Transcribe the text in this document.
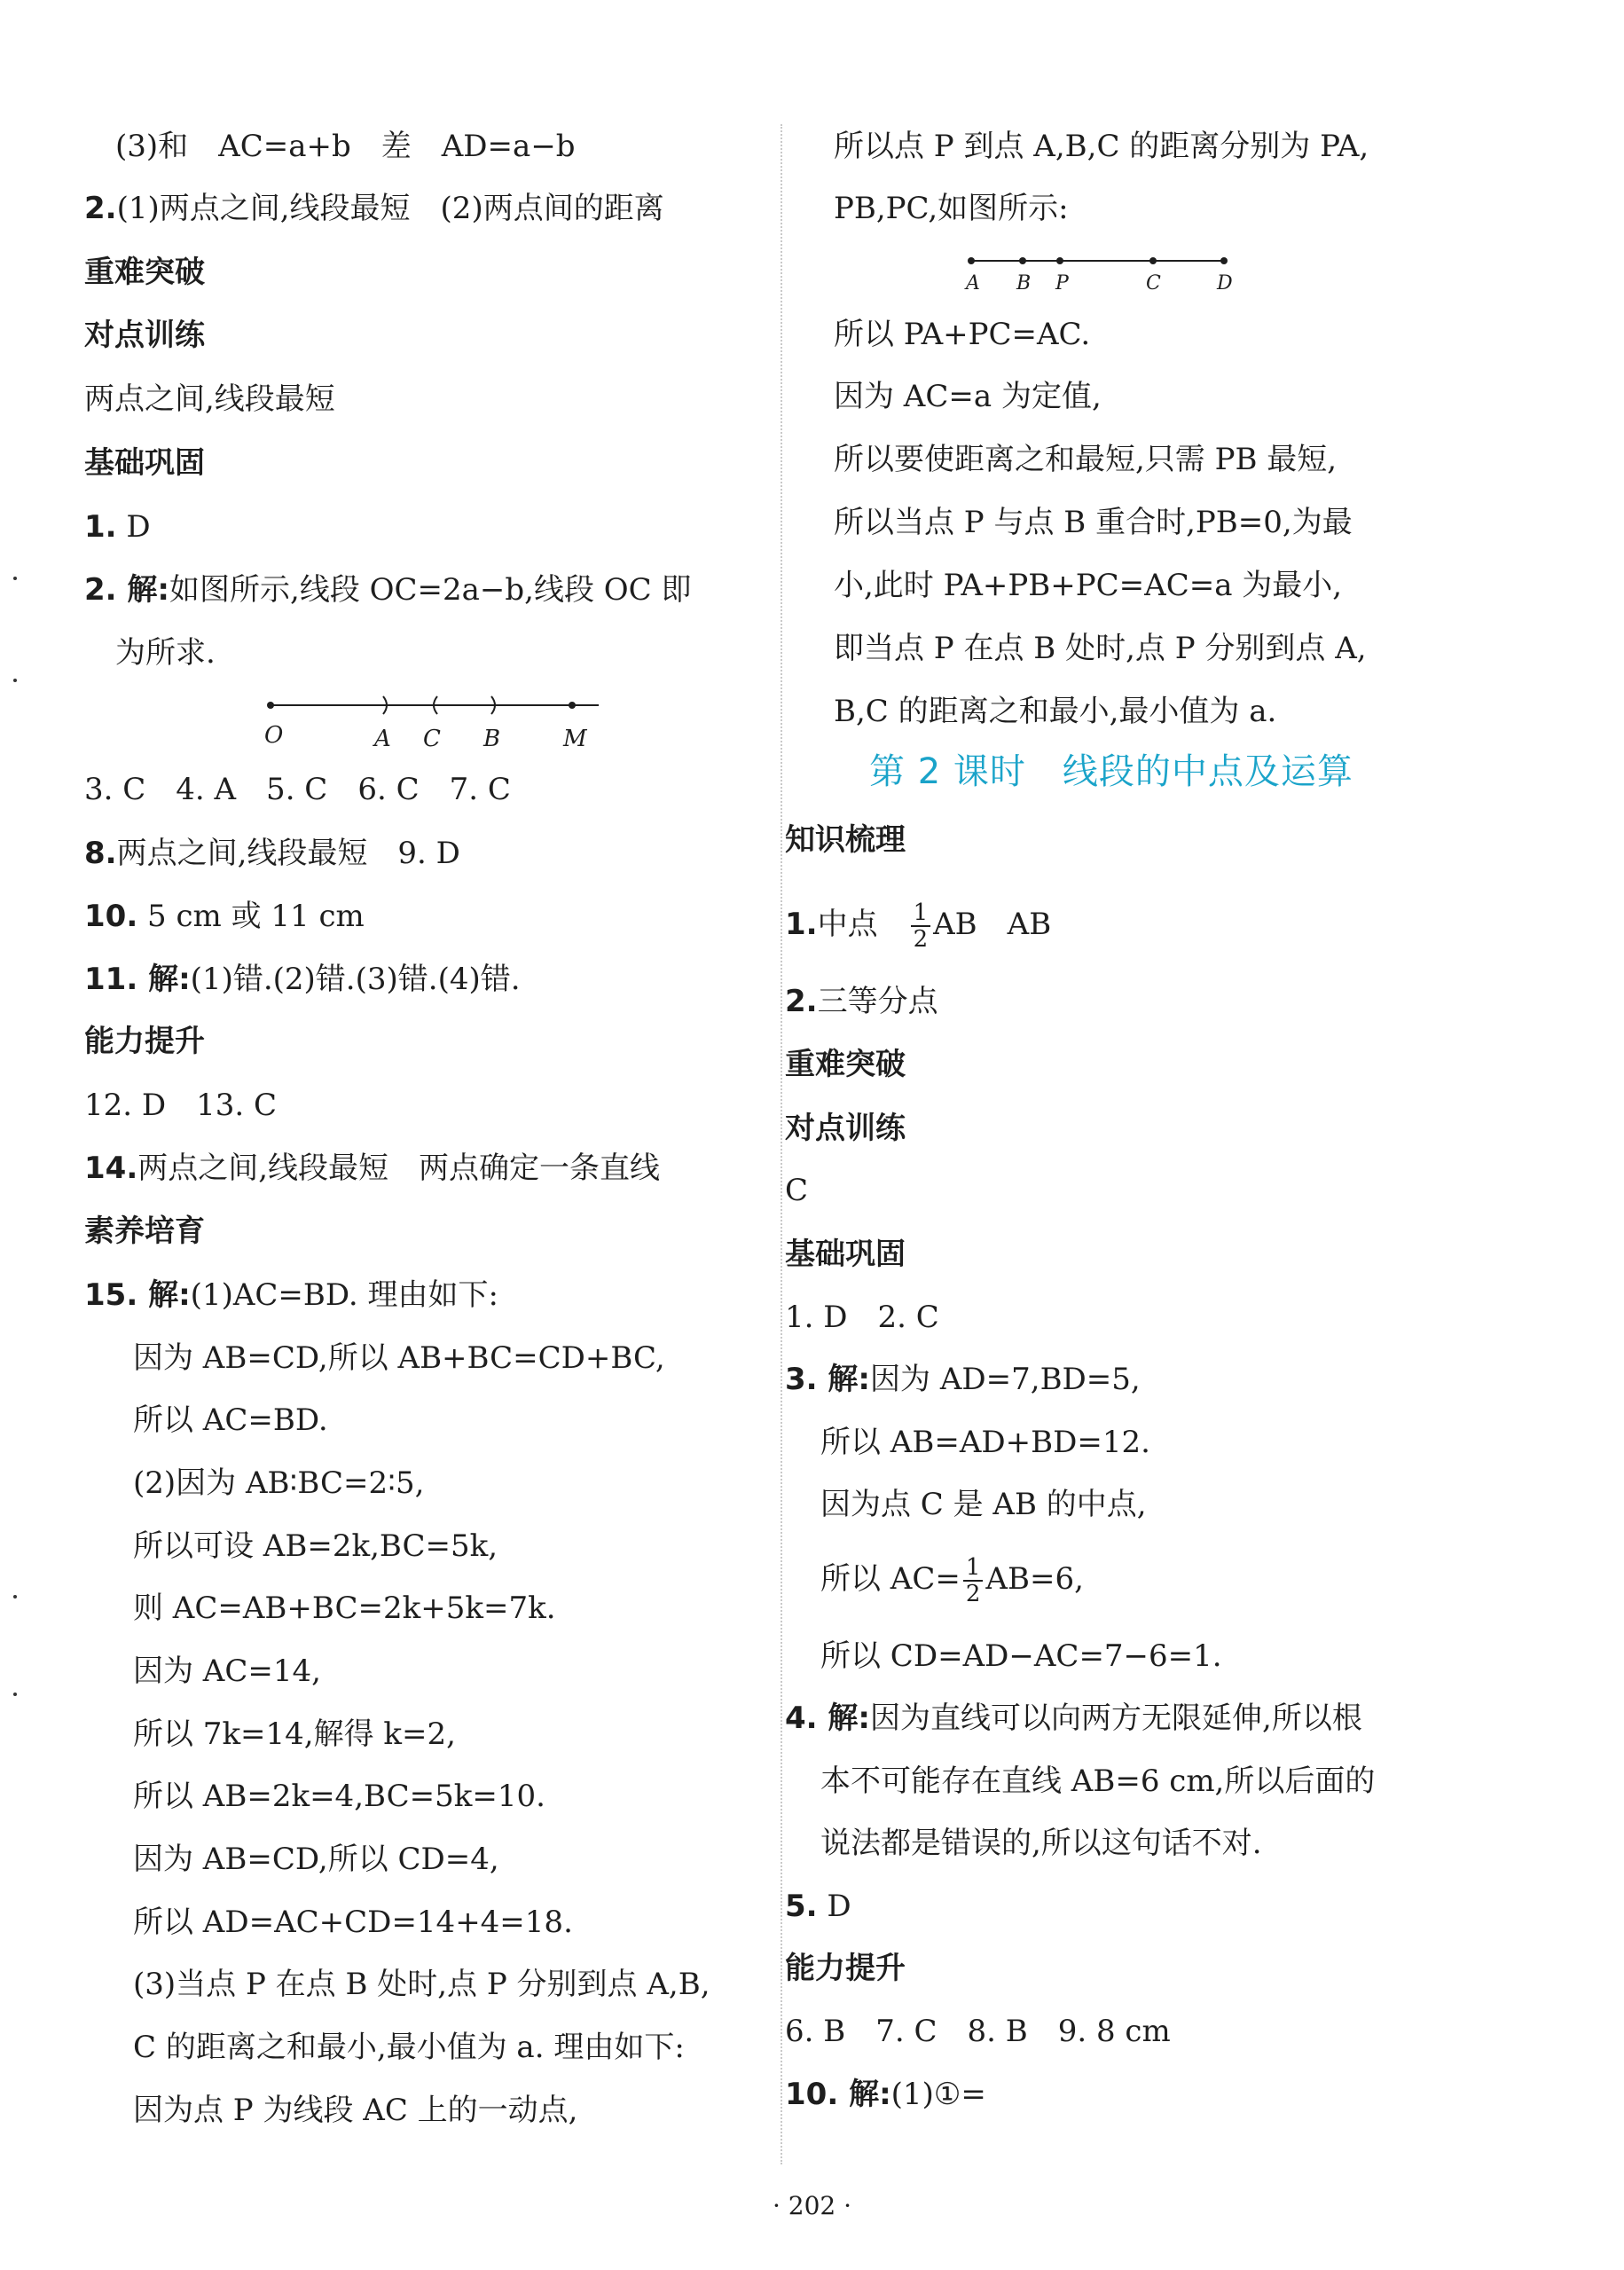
(3)和　AC=a+b　差　AD=a−b
2.(1)两点之间,线段最短　(2)两点间的距离
重难突破
对点训练
两点之间,线段最短
基础巩固
1. D
2. 解:如图所示,线段 OC=2a−b,线段 OC 即
为所求.
O	A C B	M
3. C　4. A　5. C　6. C　7. C
8.两点之间,线段最短　9. D
10. 5 cm 或 11 cm
11. 解:(1)错.(2)错.(3)错.(4)错.
能力提升
12. D　13. C
14.两点之间,线段最短　两点确定一条直线
素养培育
15. 解:(1)AC=BD. 理由如下:
因为 AB=CD,所以 AB+BC=CD+BC,
所以 AC=BD.
(2)因为 AB∶BC=2∶5,
所以可设 AB=2k,BC=5k,
则 AC=AB+BC=2k+5k=7k.
因为 AC=14,
所以 7k=14,解得 k=2,
所以 AB=2k=4,BC=5k=10.
因为 AB=CD,所以 CD=4,
所以 AD=AC+CD=14+4=18.
(3)当点 P 在点 B 处时,点 P 分别到点 A,B,
C 的距离之和最小,最小值为 a. 理由如下:
因为点 P 为线段 AC 上的一动点,
所以点 P 到点 A,B,C 的距离分别为 PA,
PB,PC,如图所示:
A B P	C	D
所以 PA+PC=AC.
因为 AC=a 为定值,
所以要使距离之和最短,只需 PB 最短,
所以当点 P 与点 B 重合时,PB=0,为最
小,此时 PA+PB+PC=AC=a 为最小,
即当点 P 在点 B 处时,点 P 分别到点 A,
B,C 的距离之和最小,最小值为 a.
第 2 课时　线段的中点及运算
知识梳理
1.中点　 $\frac{1}{2}$ AB　AB
2.三等分点
重难突破
对点训练
C
基础巩固
1. D　2. C
3. 解:因为 AD=7,BD=5,
所以 AB=AD+BD=12.
因为点 C 是 AB 的中点,
所以 $AC= \frac{1}{2} AB=6$,
所以 CD=AD−AC=7−6=1.
4. 解:因为直线可以向两方无限延伸,所以根
本不可能存在直线 AB=6 cm,所以后面的
说法都是错误的,所以这句话不对.
5. D
能力提升
6. B　7. C　8. B　9. 8 cm
10. 解:(1)①=
· 202 ·
